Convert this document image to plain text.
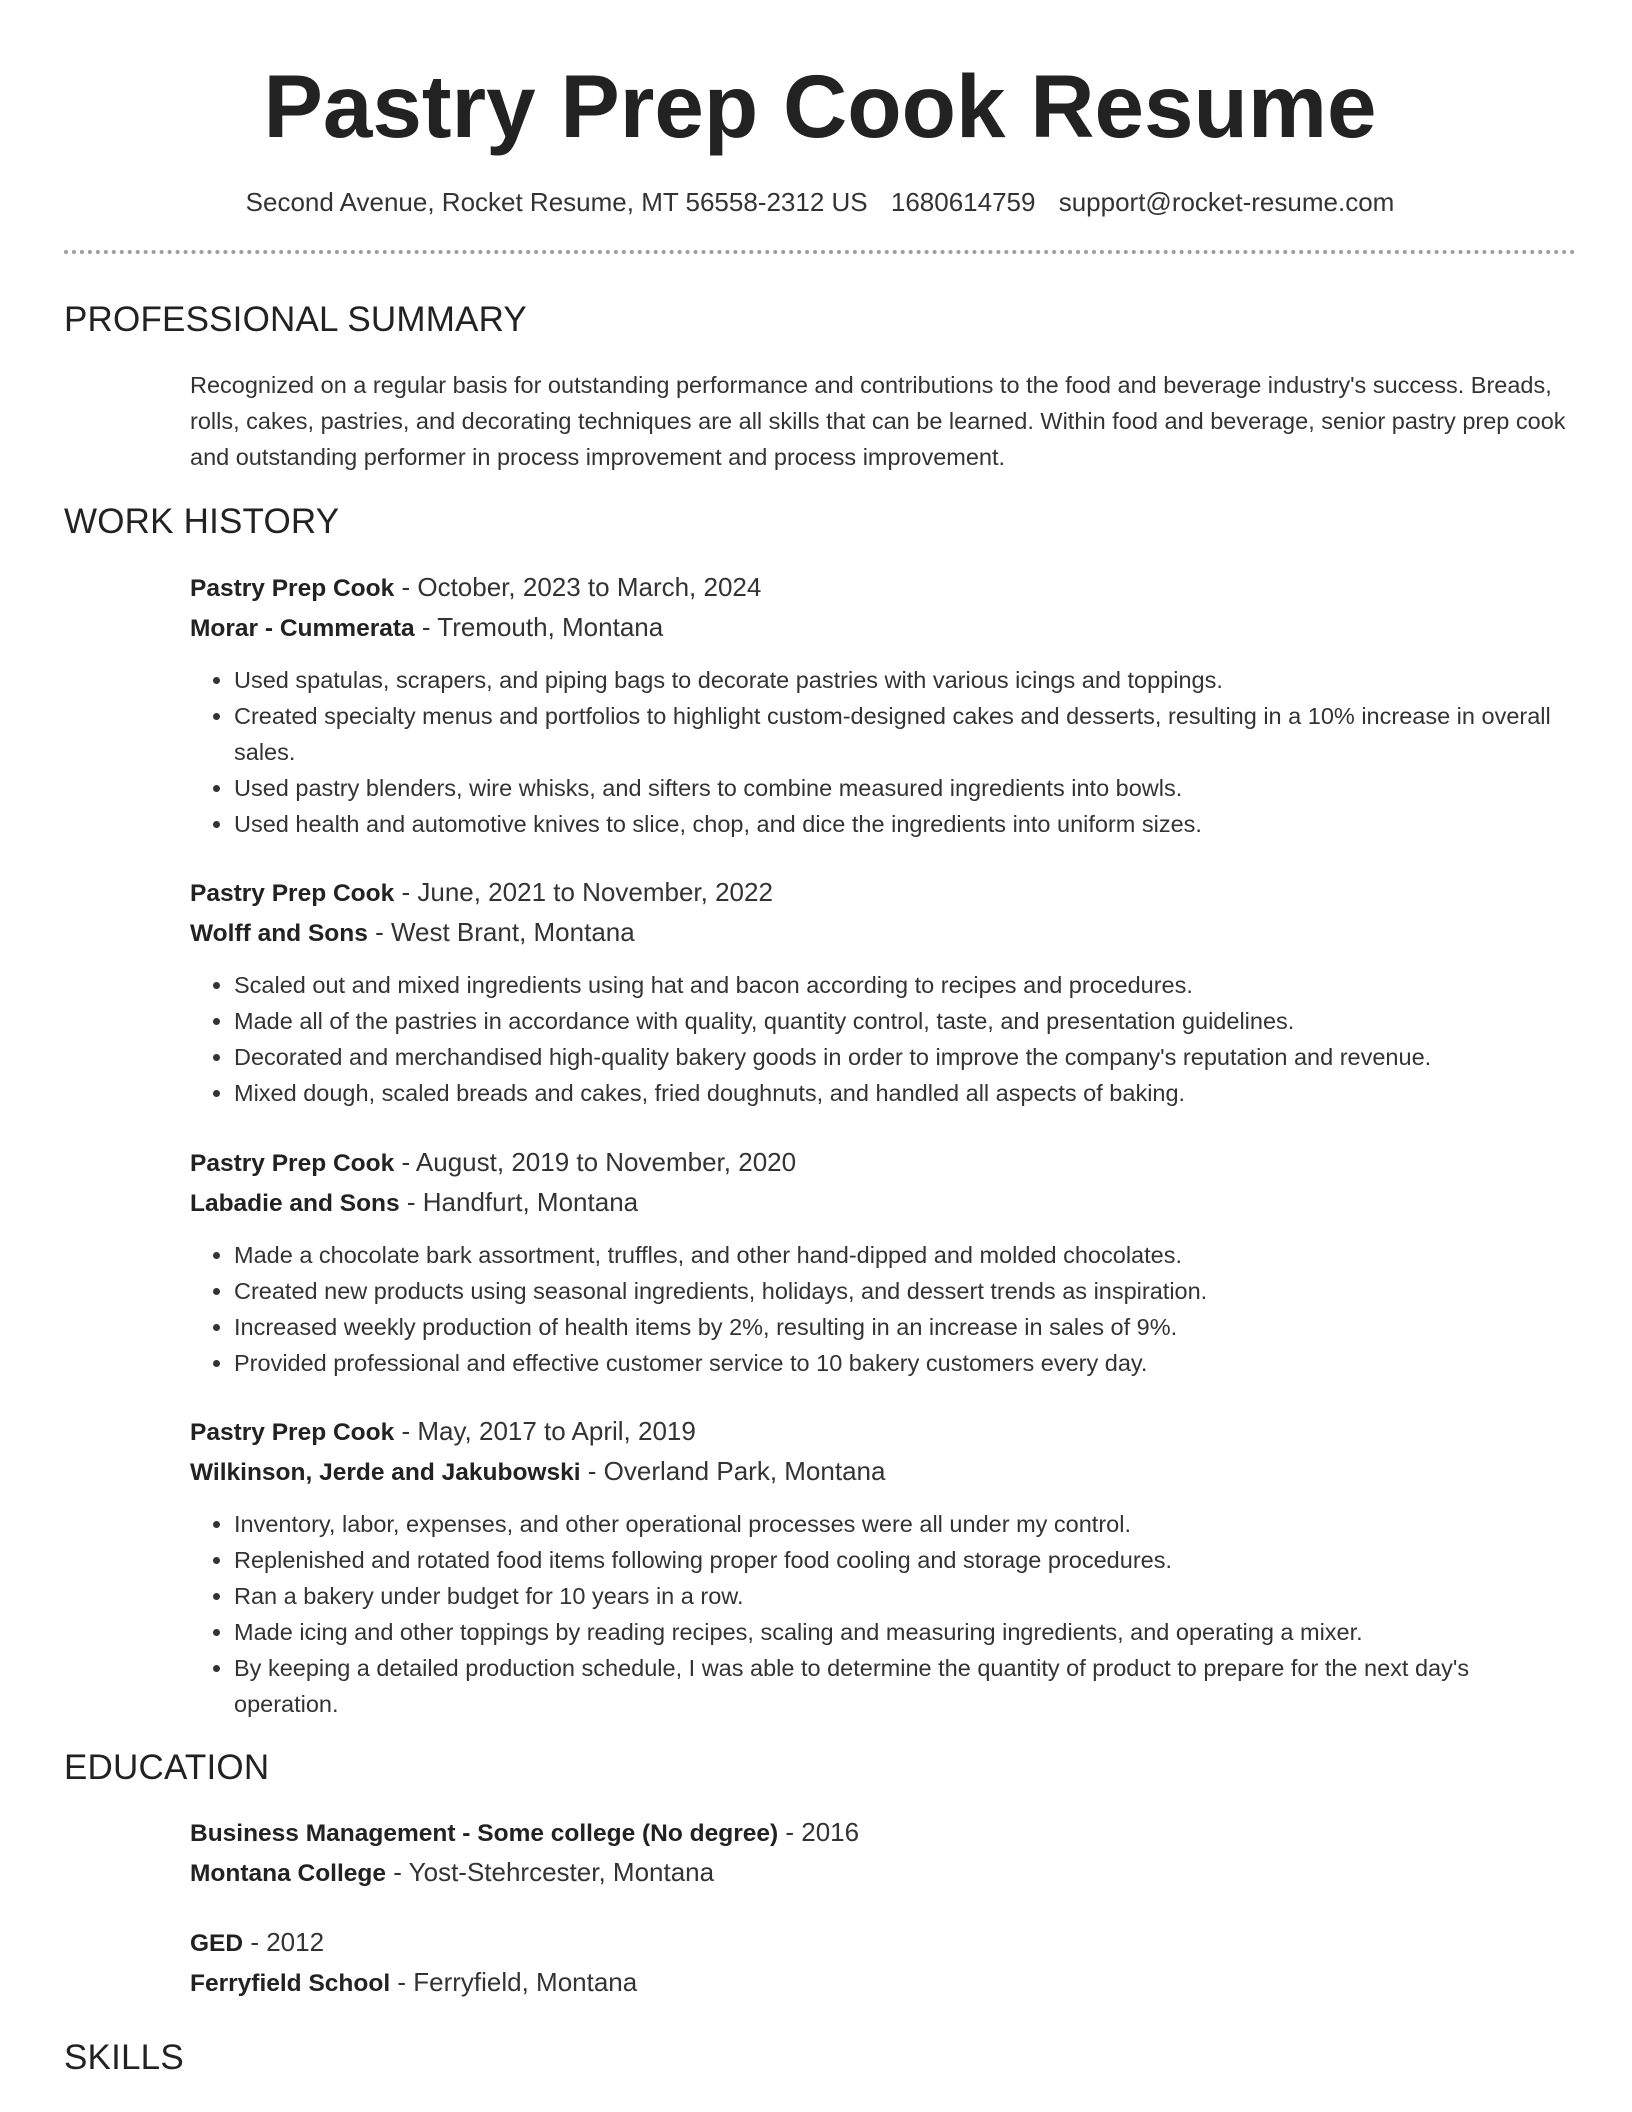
Pastry Prep Cook Resume
Second Avenue, Rocket Resume, MT 56558-2312 US 1680614759 support@rocket-resume.com
PROFESSIONAL SUMMARY
Recognized on a regular basis for outstanding performance and contributions to the food and beverage industry's success. Breads, rolls, cakes, pastries, and decorating techniques are all skills that can be learned. Within food and beverage, senior pastry prep cook and outstanding performer in process improvement and process improvement.
WORK HISTORY
Pastry Prep Cook - October, 2023 to March, 2024
Morar - Cummerata - Tremouth, Montana
• Used spatulas, scrapers, and piping bags to decorate pastries with various icings and toppings.
• Created specialty menus and portfolios to highlight custom-designed cakes and desserts, resulting in a 10% increase in overall sales.
• Used pastry blenders, wire whisks, and sifters to combine measured ingredients into bowls.
• Used health and automotive knives to slice, chop, and dice the ingredients into uniform sizes.
Pastry Prep Cook - June, 2021 to November, 2022
Wolff and Sons - West Brant, Montana
• Scaled out and mixed ingredients using hat and bacon according to recipes and procedures.
• Made all of the pastries in accordance with quality, quantity control, taste, and presentation guidelines.
• Decorated and merchandised high-quality bakery goods in order to improve the company's reputation and revenue.
• Mixed dough, scaled breads and cakes, fried doughnuts, and handled all aspects of baking.
Pastry Prep Cook - August, 2019 to November, 2020
Labadie and Sons - Handfurt, Montana
• Made a chocolate bark assortment, truffles, and other hand-dipped and molded chocolates.
• Created new products using seasonal ingredients, holidays, and dessert trends as inspiration.
• Increased weekly production of health items by 2%, resulting in an increase in sales of 9%.
• Provided professional and effective customer service to 10 bakery customers every day.
Pastry Prep Cook - May, 2017 to April, 2019
Wilkinson, Jerde and Jakubowski - Overland Park, Montana
• Inventory, labor, expenses, and other operational processes were all under my control.
• Replenished and rotated food items following proper food cooling and storage procedures.
• Ran a bakery under budget for 10 years in a row.
• Made icing and other toppings by reading recipes, scaling and measuring ingredients, and operating a mixer.
• By keeping a detailed production schedule, I was able to determine the quantity of product to prepare for the next day's operation.
EDUCATION
Business Management - Some college (No degree) - 2016
Montana College - Yost-Stehrcester, Montana
GED - 2012
Ferryfield School - Ferryfield, Montana
SKILLS
